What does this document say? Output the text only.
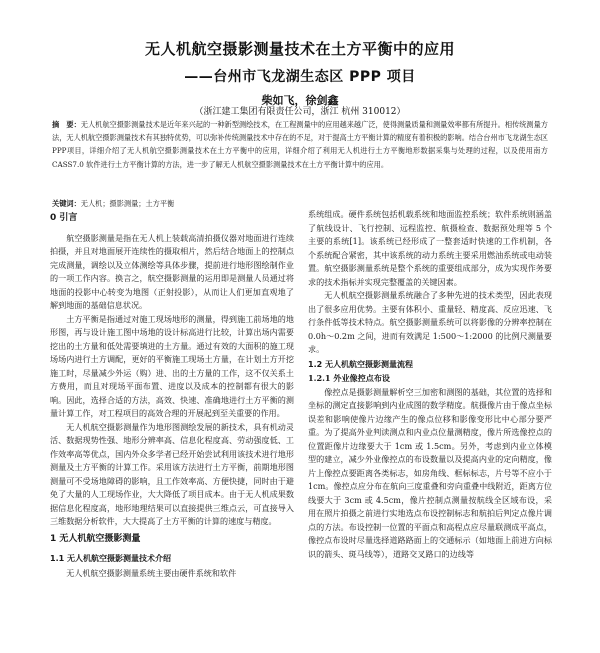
无人机航空摄影测量技术在土方平衡中的应用
——台州市飞龙湖生态区 PPP 项目
柴如飞，徐剑鑫
（浙江建工集团有限责任公司，浙江 杭州 310012）
摘　要：无人机航空摄影测量技术是近年来兴起的一种新型测绘技术，在工程测量中的应用越来越广泛，使得测量质量和测量效率都有所提升。相传统测量方法，无人机航空摄影测量技术有其独特优势，可以弥补传统测量技术中存在的不足，对于提高土方平衡计算的精度有着积极的影响。结合台州市飞龙湖生态区PPP项目，详细介绍了无人机航空摄影测量技术在土方平衡中的应用，详细介绍了利用无人机进行土方平衡地形数据采集与处理的过程，以及使用南方 CASS7.0 软件进行土方平衡计算的方法，进一步了解无人机航空摄影测量技术在土方平衡计算中的应用。
关键词：无人机；摄影测量；土方平衡
0 引言

航空摄影测量是指在无人机上装载高清拍摄仪器对地面进行连续拍摄，并且对地面展开连续性的摄取相片，然后结合地面上的控制点完成测量，调绘以及立体测绘等具体步骤，提前进行地形图绘制作业的一项工作内容。换言之，航空摄影测量的运用即是测量人员通过将地面的投影中心转变为地图（正射投影），从而让人们更加直观地了解到地面的基础信息状况。

土方平衡是指通过对施工现场地形的测量，得到施工前场地的地形图，再与设计施工图中场地的设计标高进行比较，计算出场内需要挖出的土方量和低处需要填进的土方量。通过有效的大面积的施工现场场内进行土方调配，更好的平衡施工现场土方量，在计划土方开挖施工时，尽量减少外运（购）进、出的土方量的工作，这不仅关系土方费用，而且对现场平面布置、进度以及成本的控制都有很大的影响。因此，选择合适的方法，高效、快速、准确地进行土方平衡的测量计算工作，对工程项目的高效合理的开展起到至关重要的作用。

无人机航空摄影测量作为地形图测绘发展的新技术，具有机动灵活、数据现势性强、地形分辨率高、信息化程度高、劳动强度低、工作效率高等优点，国内外众多学者已经开始尝试利用该技术进行地形测量及土方平衡的计算工作。采用该方法进行土方平衡，前期地形图测量可不受场地障碍的影响，且工作效率高、方便快捷，同时由于避免了大量的人工现场作业，大大降低了项目成本。由于无人机成果数据信息化程度高，地形地理结果可以直接提供三维点云，可直接导入三维数据分析软件，大大提高了土方平衡的计算的速度与精度。

1 无人机航空摄影测量
1.1 无人机航空摄影测量技术介绍

无人机航空摄影测量系统主要由硬件系统和软件

系统组成。硬件系统包括机载系统和地面监控系统；软件系统则涵盖了航线设计、飞行控制、远程监控、航摄检查、数据预处理等 5 个主要的系统[1]。该系统已经形成了一整套适时快速的工作机制，各个系统配合紧密，其中该系统的动力系统主要采用燃油系统或电动装置。航空摄影测量系统是整个系统的重要组成部分，成为实现作务要求的技术指标并实现完整覆盖的关键因素。

无人机航空摄影测量系统融合了多种先进的技术类型，因此表现出了很多应用优势。主要有体积小、重量轻、精度高、反应迅速、飞行条件低等技术特点。航空摄影测量系统可以将影像的分辨率控制在 0.0h～0.2m 之间，进而有效满足 1:500～1:2000 的比例尺测量要求。

1.2 无人机航空摄影测量流程
1.2.1 外业像控点布设

像控点是摄影测量解析空三加密和测图的基础，其位置的选择和坐标的测定直接影响到内业成图的数学精度。航摄像片由于像点坐标误差和影响使像片边缘产生的像点位移和影像变形比中心部分要严重。为了提高外业判读测点和内业点位量测精度，像片所选像控点的位置距像片边缘要大于 1cm 或 1.5cm。另外，考虑到内业立体模型的建立，减少外业像控点的布设数量以及提高内业的定向精度，像片上像控点要距离各类标志，如房角线、框标标志，片号等不应小于 1cm。像控点应分布在航向三度重叠和旁向重叠中线附近，距离方位线要大于 3cm 或 4.5cm，像片控制点测量按航线全区域布设，采用在照片拍摄之前进行实地选点布设控制标志和航拍后判定点像片调点的方法。布设控制一位置的平面点和高程点应尽量联测成平高点，像控点布设时尽量选择道路路面上的交通标示（如地面上前进方向标识的箭头、斑马线等），道路交叉路口的边线等
